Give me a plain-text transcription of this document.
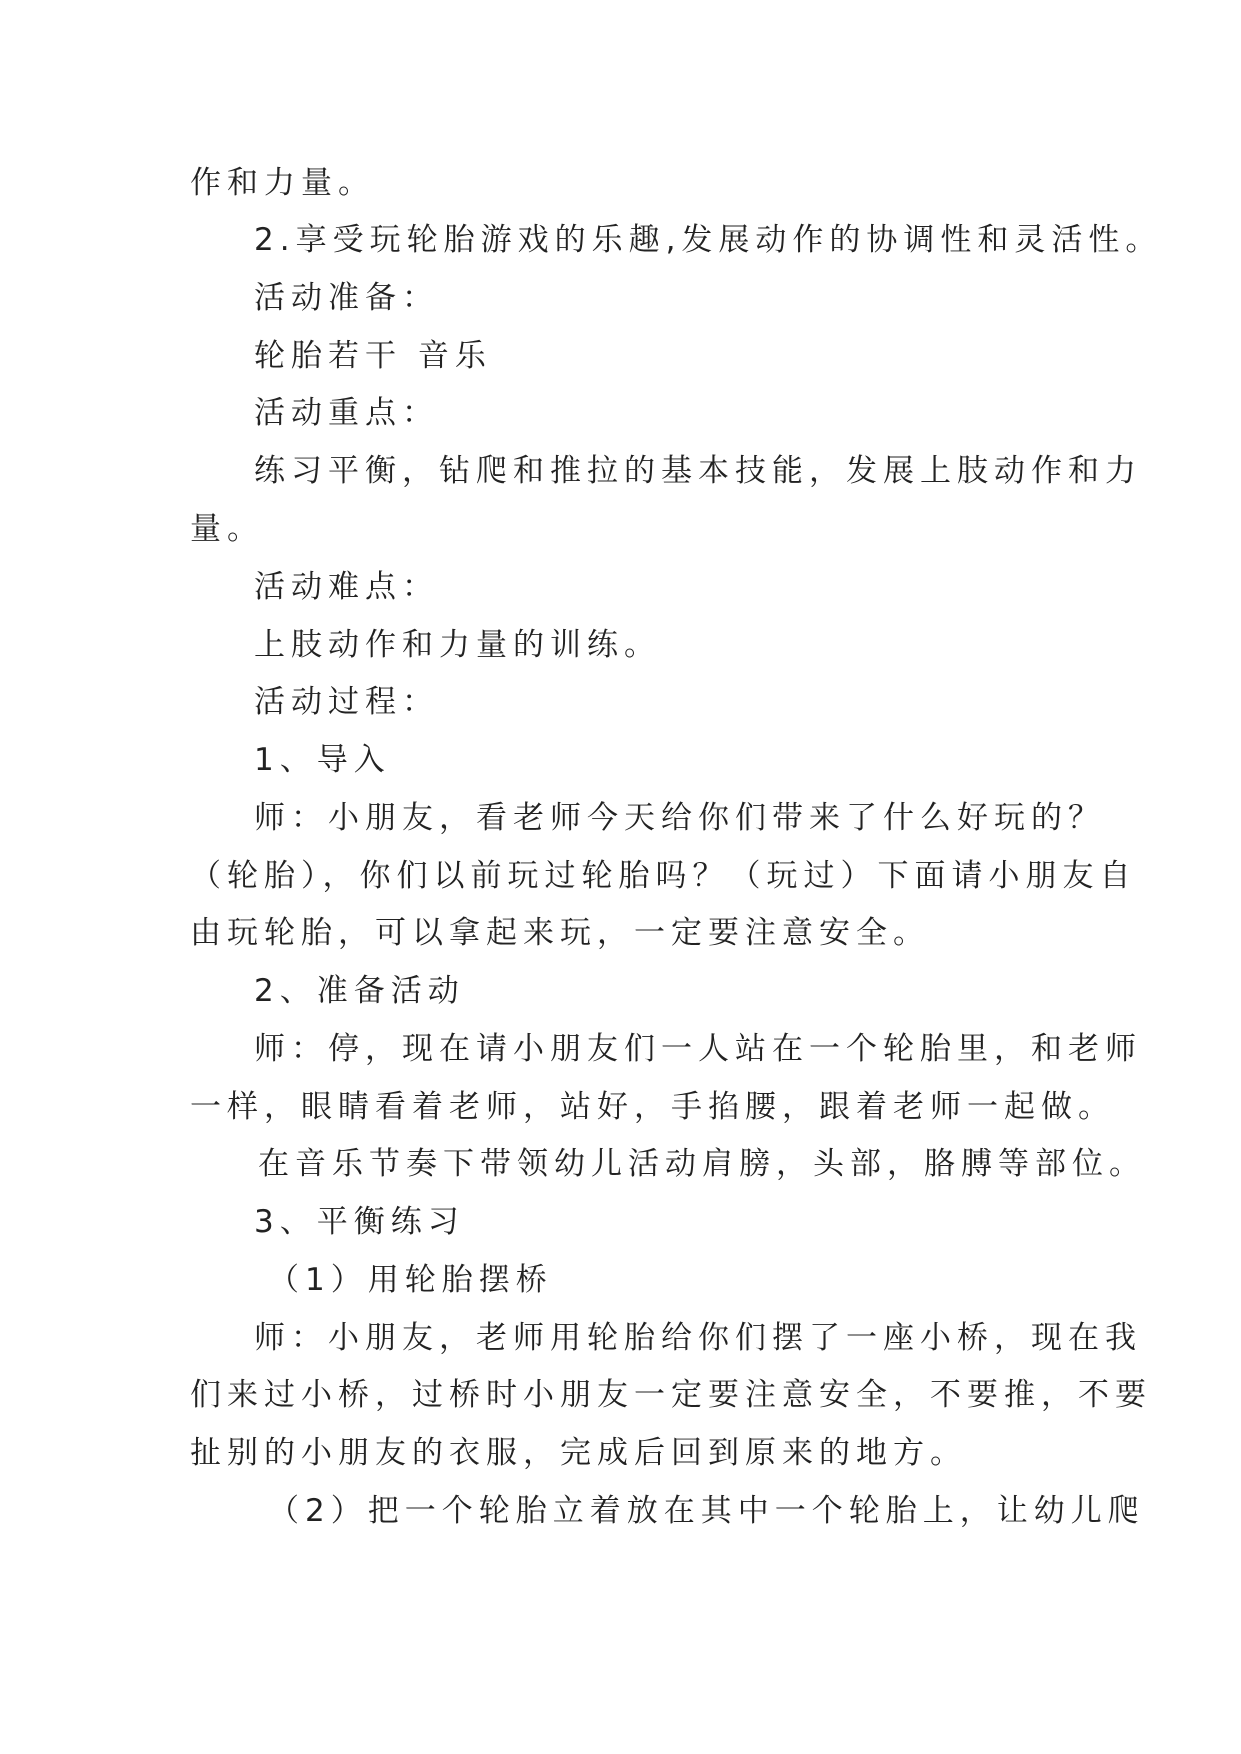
作和力量。
2.享受玩轮胎游戏的乐趣,发展动作的协调性和灵活性。
活动准备：
轮胎若干 音乐
活动重点：
练习平衡，钻爬和推拉的基本技能，发展上肢动作和力
量。
活动难点：
上肢动作和力量的训练。
活动过程：
1、导入
师：小朋友，看老师今天给你们带来了什么好玩的？
（轮胎），你们以前玩过轮胎吗？（玩过）下面请小朋友自
由玩轮胎，可以拿起来玩，一定要注意安全。
2、准备活动
师：停，现在请小朋友们一人站在一个轮胎里，和老师
一样，眼睛看着老师，站好，手掐腰，跟着老师一起做。
在音乐节奏下带领幼儿活动肩膀，头部，胳膊等部位。
3、平衡练习
（1）用轮胎摆桥
师：小朋友，老师用轮胎给你们摆了一座小桥，现在我
们来过小桥，过桥时小朋友一定要注意安全，不要推，不要
扯别的小朋友的衣服，完成后回到原来的地方。
（2）把一个轮胎立着放在其中一个轮胎上，让幼儿爬
